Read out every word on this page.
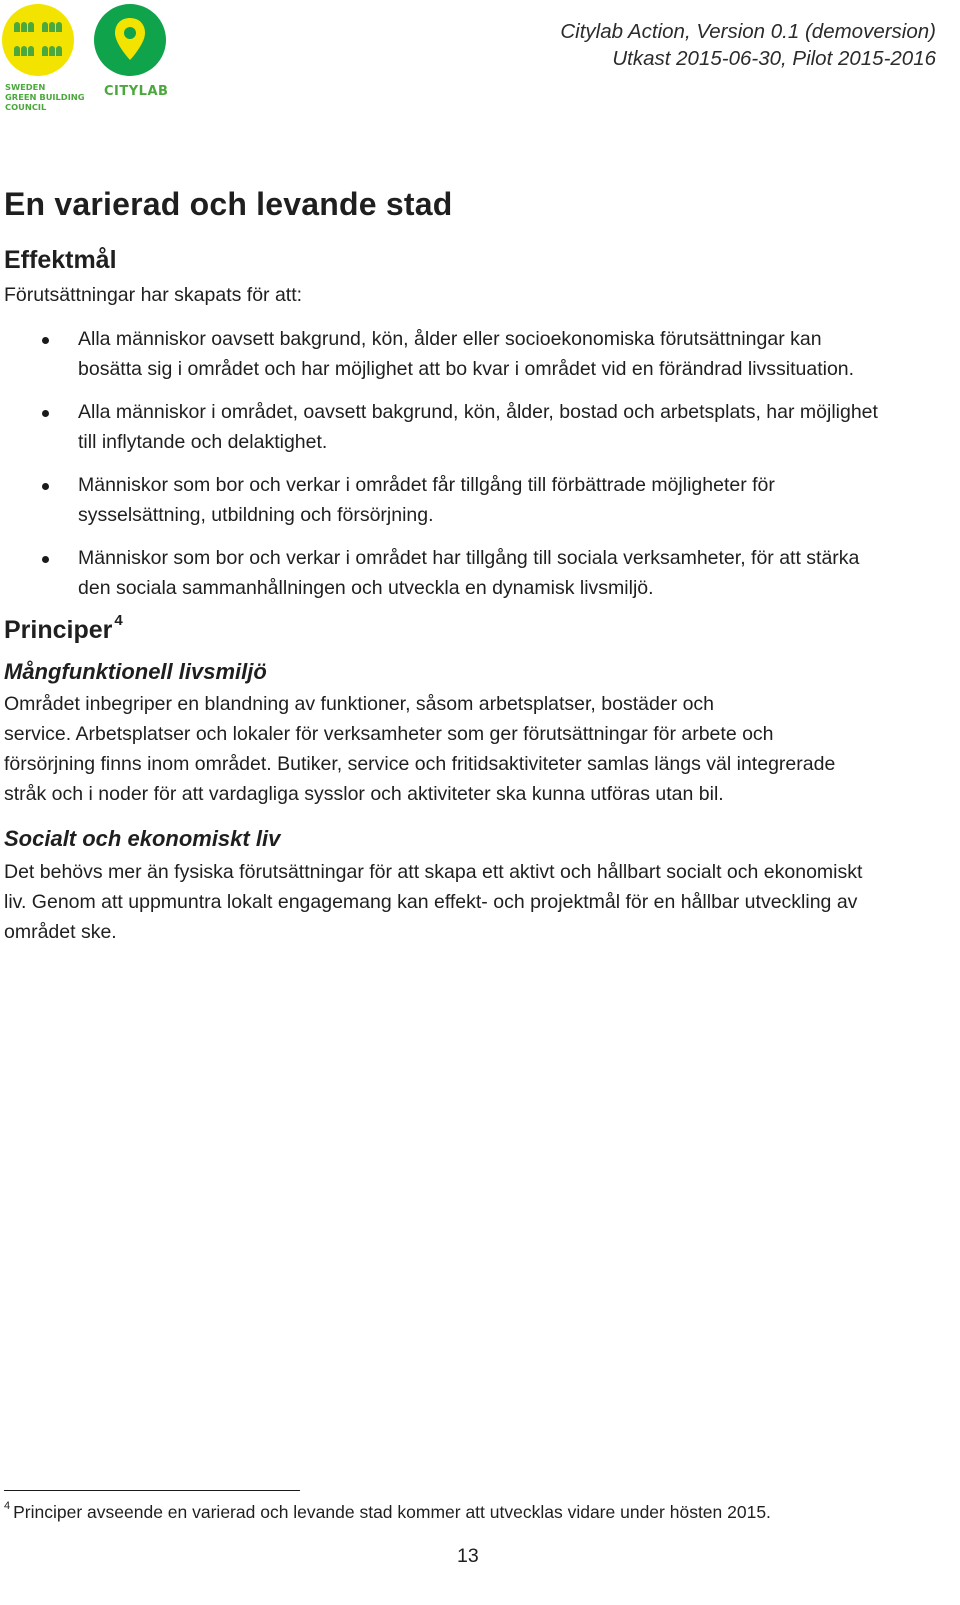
SWEDEN
GREEN BUILDING
COUNCIL
CITYLAB
Citylab Action, Version 0.1 (demoversion)
Utkast 2015-06-30, Pilot 2015-2016
En varierad och levande stad
Effektmål
Förutsättningar har skapats för att:
Alla människor oavsett bakgrund, kön, ålder eller socioekonomiska förutsättningar kan
bosätta sig i området och har möjlighet att bo kvar i området vid en förändrad livssituation.
Alla människor i området, oavsett bakgrund, kön, ålder, bostad och arbetsplats, har möjlighet
till inflytande och delaktighet.
Människor som bor och verkar i området får tillgång till förbättrade möjligheter för
sysselsättning, utbildning och försörjning.
Människor som bor och verkar i området har tillgång till sociala verksamheter, för att stärka
den sociala sammanhållningen och utveckla en dynamisk livsmiljö.
Principer $^4$
Mångfunktionell livsmiljö
Området inbegriper en blandning av funktioner, såsom arbetsplatser, bostäder och
service. Arbetsplatser och lokaler för verksamheter som ger förutsättningar för arbete och
försörjning finns inom området. Butiker, service och fritidsaktiviteter samlas längs väl integrerade
stråk och i noder för att vardagliga sysslor och aktiviteter ska kunna utföras utan bil.
Socialt och ekonomiskt liv
Det behövs mer än fysiska förutsättningar för att skapa ett aktivt och hållbart socialt och ekonomiskt
liv. Genom att uppmuntra lokalt engagemang kan effekt- och projektmål för en hållbar utveckling av
området ske.
$^4$ Principer avseende en varierad och levande stad kommer att utvecklas vidare under hösten 2015.
13
